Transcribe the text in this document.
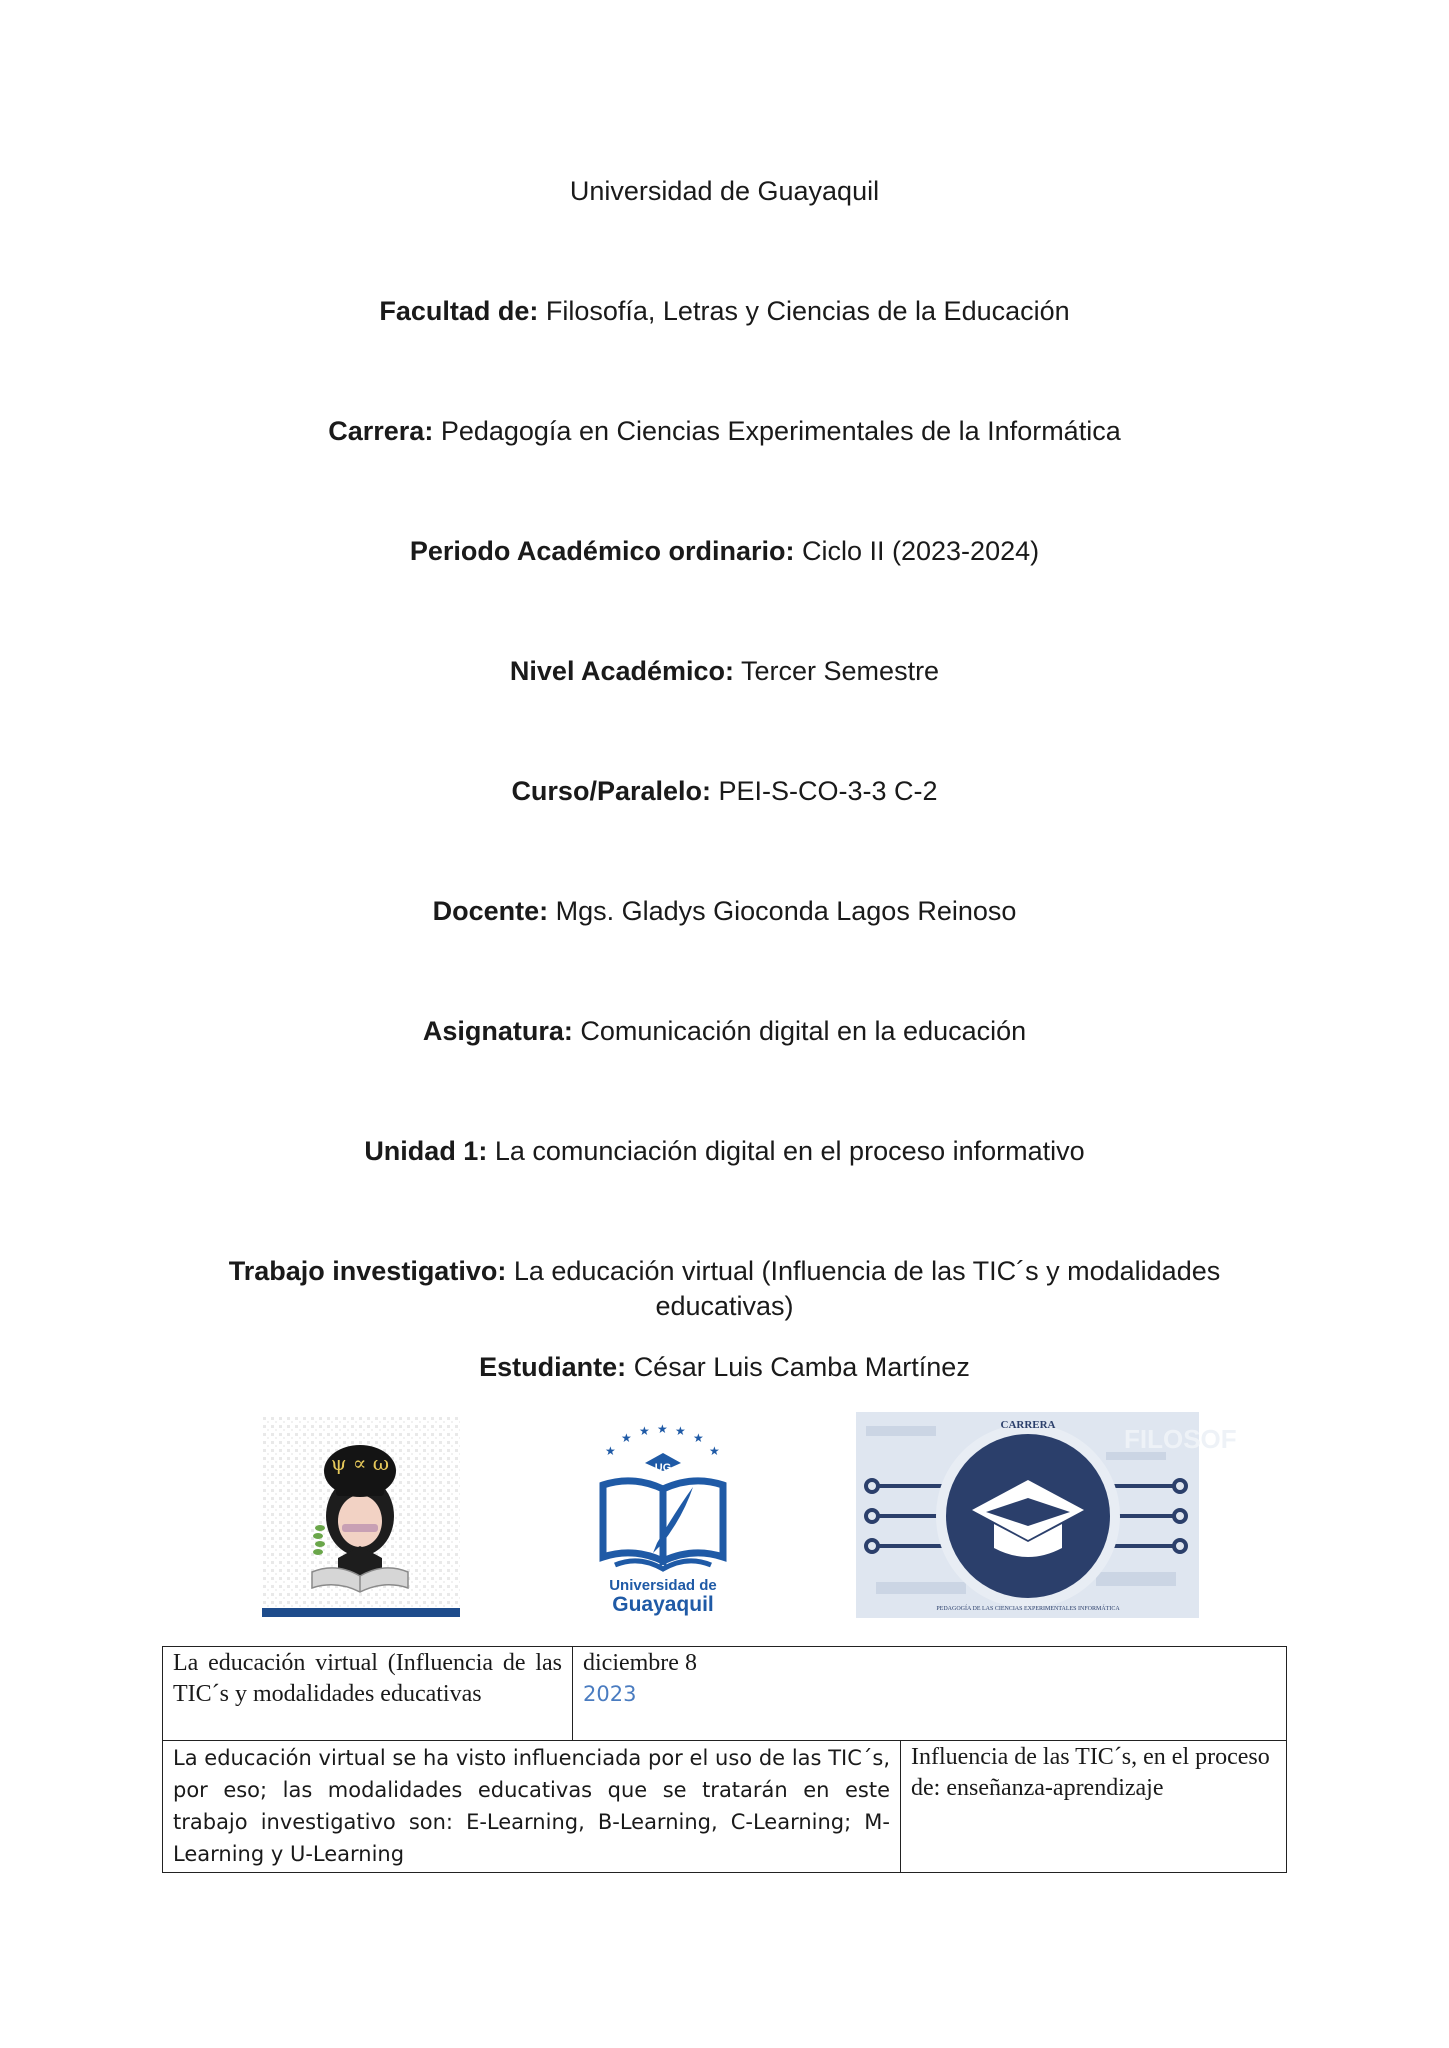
Universidad de Guayaquil
Facultad de: Filosofía, Letras y Ciencias de la Educación
Carrera: Pedagogía en Ciencias Experimentales de la Informática
Periodo Académico ordinario: Ciclo II (2023-2024)
Nivel Académico: Tercer Semestre
Curso/Paralelo: PEI-S-CO-3-3 C-2
Docente: Mgs. Gladys Gioconda Lagos Reinoso
Asignatura: Comunicación digital en la educación
Unidad 1: La comunciación digital en el proceso informativo
Trabajo investigativo: La educación virtual (Influencia de las TIC´s y modalidades
educativas)
Estudiante: César Luis Camba Martínez
ψ ∝ ω	★
★ ★ ★ ★ ★
★
UG
Universidad de
Guayaquil
FILOSOF
CARRERA
PEDAGOGÍA DE LAS CIENCIAS EXPERIMENTALES INFORMÁTICA
La educación virtual (Influencia de las TIC´s y modalidades educativas	diciembre 8
2023	

La educación virtual se ha visto influenciada por el uso de las TIC´s, por eso; las modalidades educativas que se tratarán en este trabajo investigativo son: E-Learning, B-Learning, C-Learning; M-Learning y U-Learning		Influencia de las TIC´s, en el proceso de: enseñanza-aprendizaje
